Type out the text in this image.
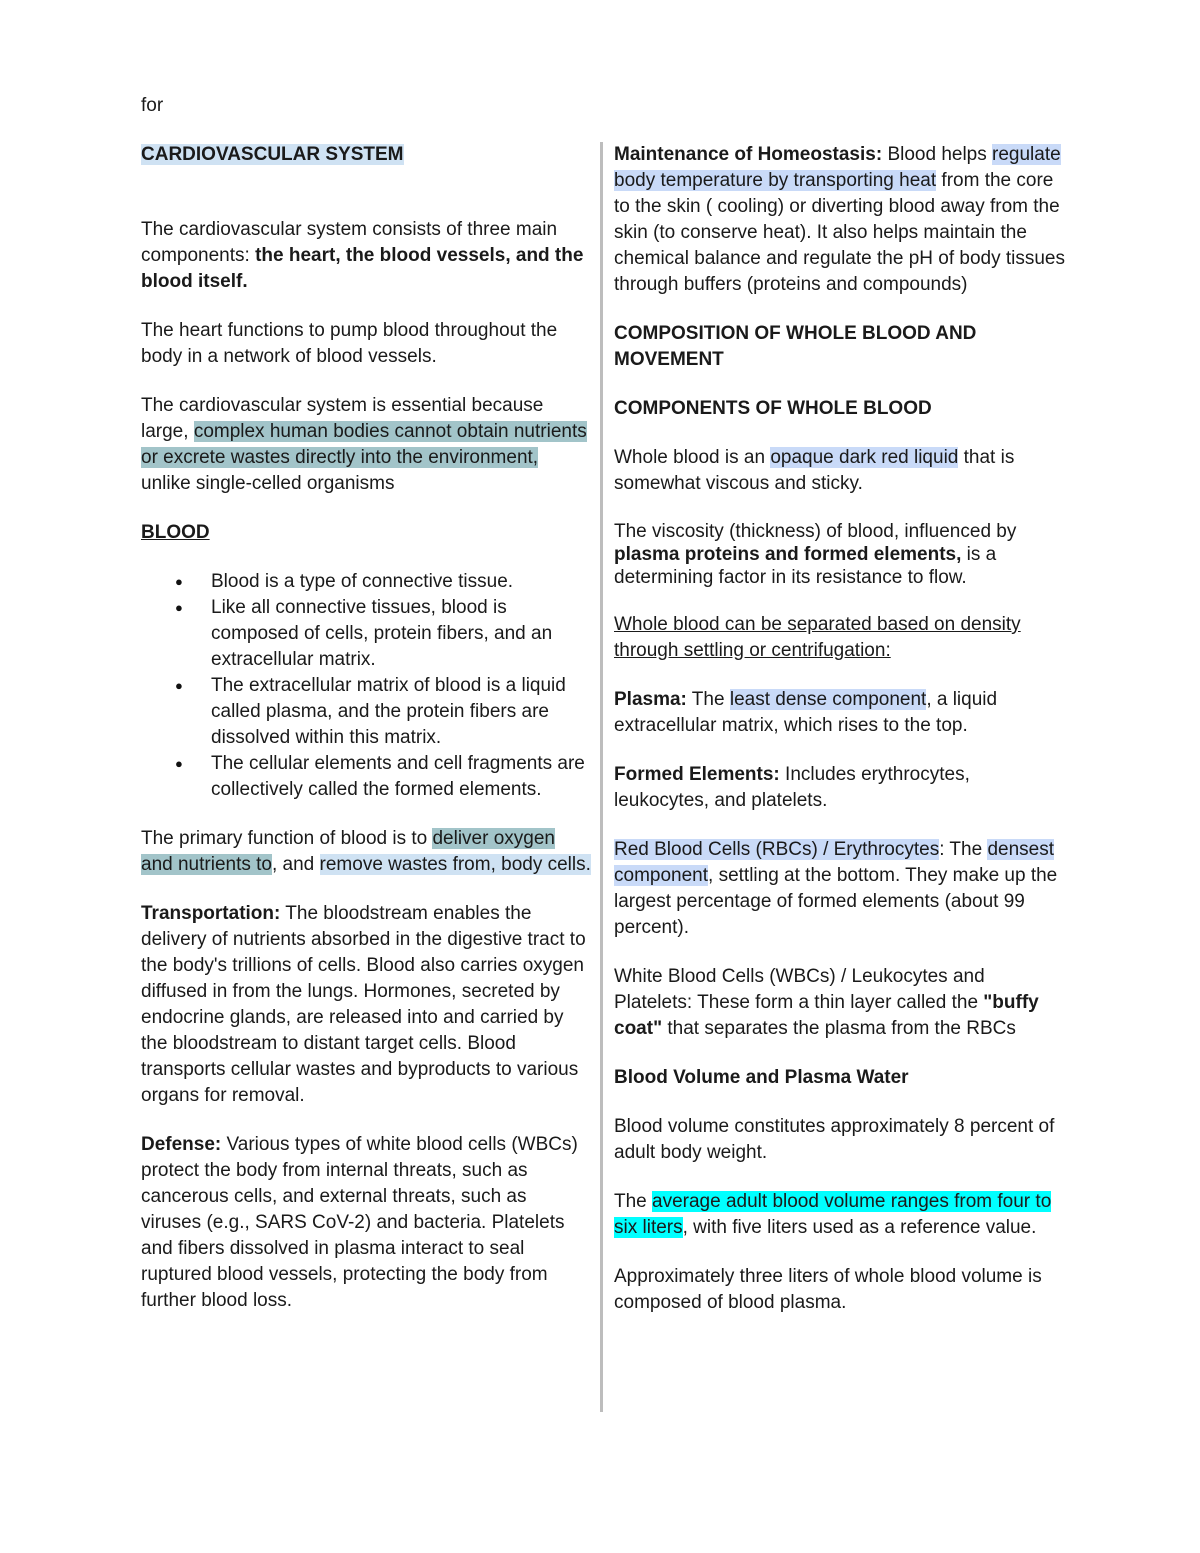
for

CARDIOVASCULAR SYSTEM

The cardiovascular system consists of three main components: the heart, the blood vessels, and the blood itself.

The heart functions to pump blood throughout the body in a network of blood vessels.

The cardiovascular system is essential because large, complex human bodies cannot obtain nutrients or excrete wastes directly into the environment, unlike single-celled organisms

BLOOD

● Blood is a type of connective tissue.
● Like all connective tissues, blood is composed of cells, protein fibers, and an extracellular matrix.
● The extracellular matrix of blood is a liquid called plasma, and the protein fibers are dissolved within this matrix.
● The cellular elements and cell fragments are collectively called the formed elements.

The primary function of blood is to deliver oxygen and nutrients to, and remove wastes from, body cells.

Transportation: The bloodstream enables the delivery of nutrients absorbed in the digestive tract to the body's trillions of cells. Blood also carries oxygen diffused in from the lungs. Hormones, secreted by endocrine glands, are released into and carried by the bloodstream to distant target cells. Blood transports cellular wastes and byproducts to various organs for removal.

Defense: Various types of white blood cells (WBCs) protect the body from internal threats, such as cancerous cells, and external threats, such as viruses (e.g., SARS CoV-2) and bacteria. Platelets and fibers dissolved in plasma interact to seal ruptured blood vessels, protecting the body from further blood loss.

Maintenance of Homeostasis: Blood helps regulate body temperature by transporting heat from the core to the skin ( cooling) or diverting blood away from the skin (to conserve heat). It also helps maintain the chemical balance and regulate the pH of body tissues through buffers (proteins and compounds)

COMPOSITION OF WHOLE BLOOD AND MOVEMENT

COMPONENTS OF WHOLE BLOOD

Whole blood is an opaque dark red liquid that is somewhat viscous and sticky.

The viscosity (thickness) of blood, influenced by plasma proteins and formed elements, is a determining factor in its resistance to flow.

Whole blood can be separated based on density through settling or centrifugation:

Plasma: The least dense component, a liquid extracellular matrix, which rises to the top.

Formed Elements: Includes erythrocytes, leukocytes, and platelets.

Red Blood Cells (RBCs) / Erythrocytes: The densest component, settling at the bottom. They make up the largest percentage of formed elements (about 99 percent).

White Blood Cells (WBCs) / Leukocytes and Platelets: These form a thin layer called the "buffy coat" that separates the plasma from the RBCs

Blood Volume and Plasma Water

Blood volume constitutes approximately 8 percent of adult body weight.

The average adult blood volume ranges from four to six liters, with five liters used as a reference value.

Approximately three liters of whole blood volume is composed of blood plasma.
